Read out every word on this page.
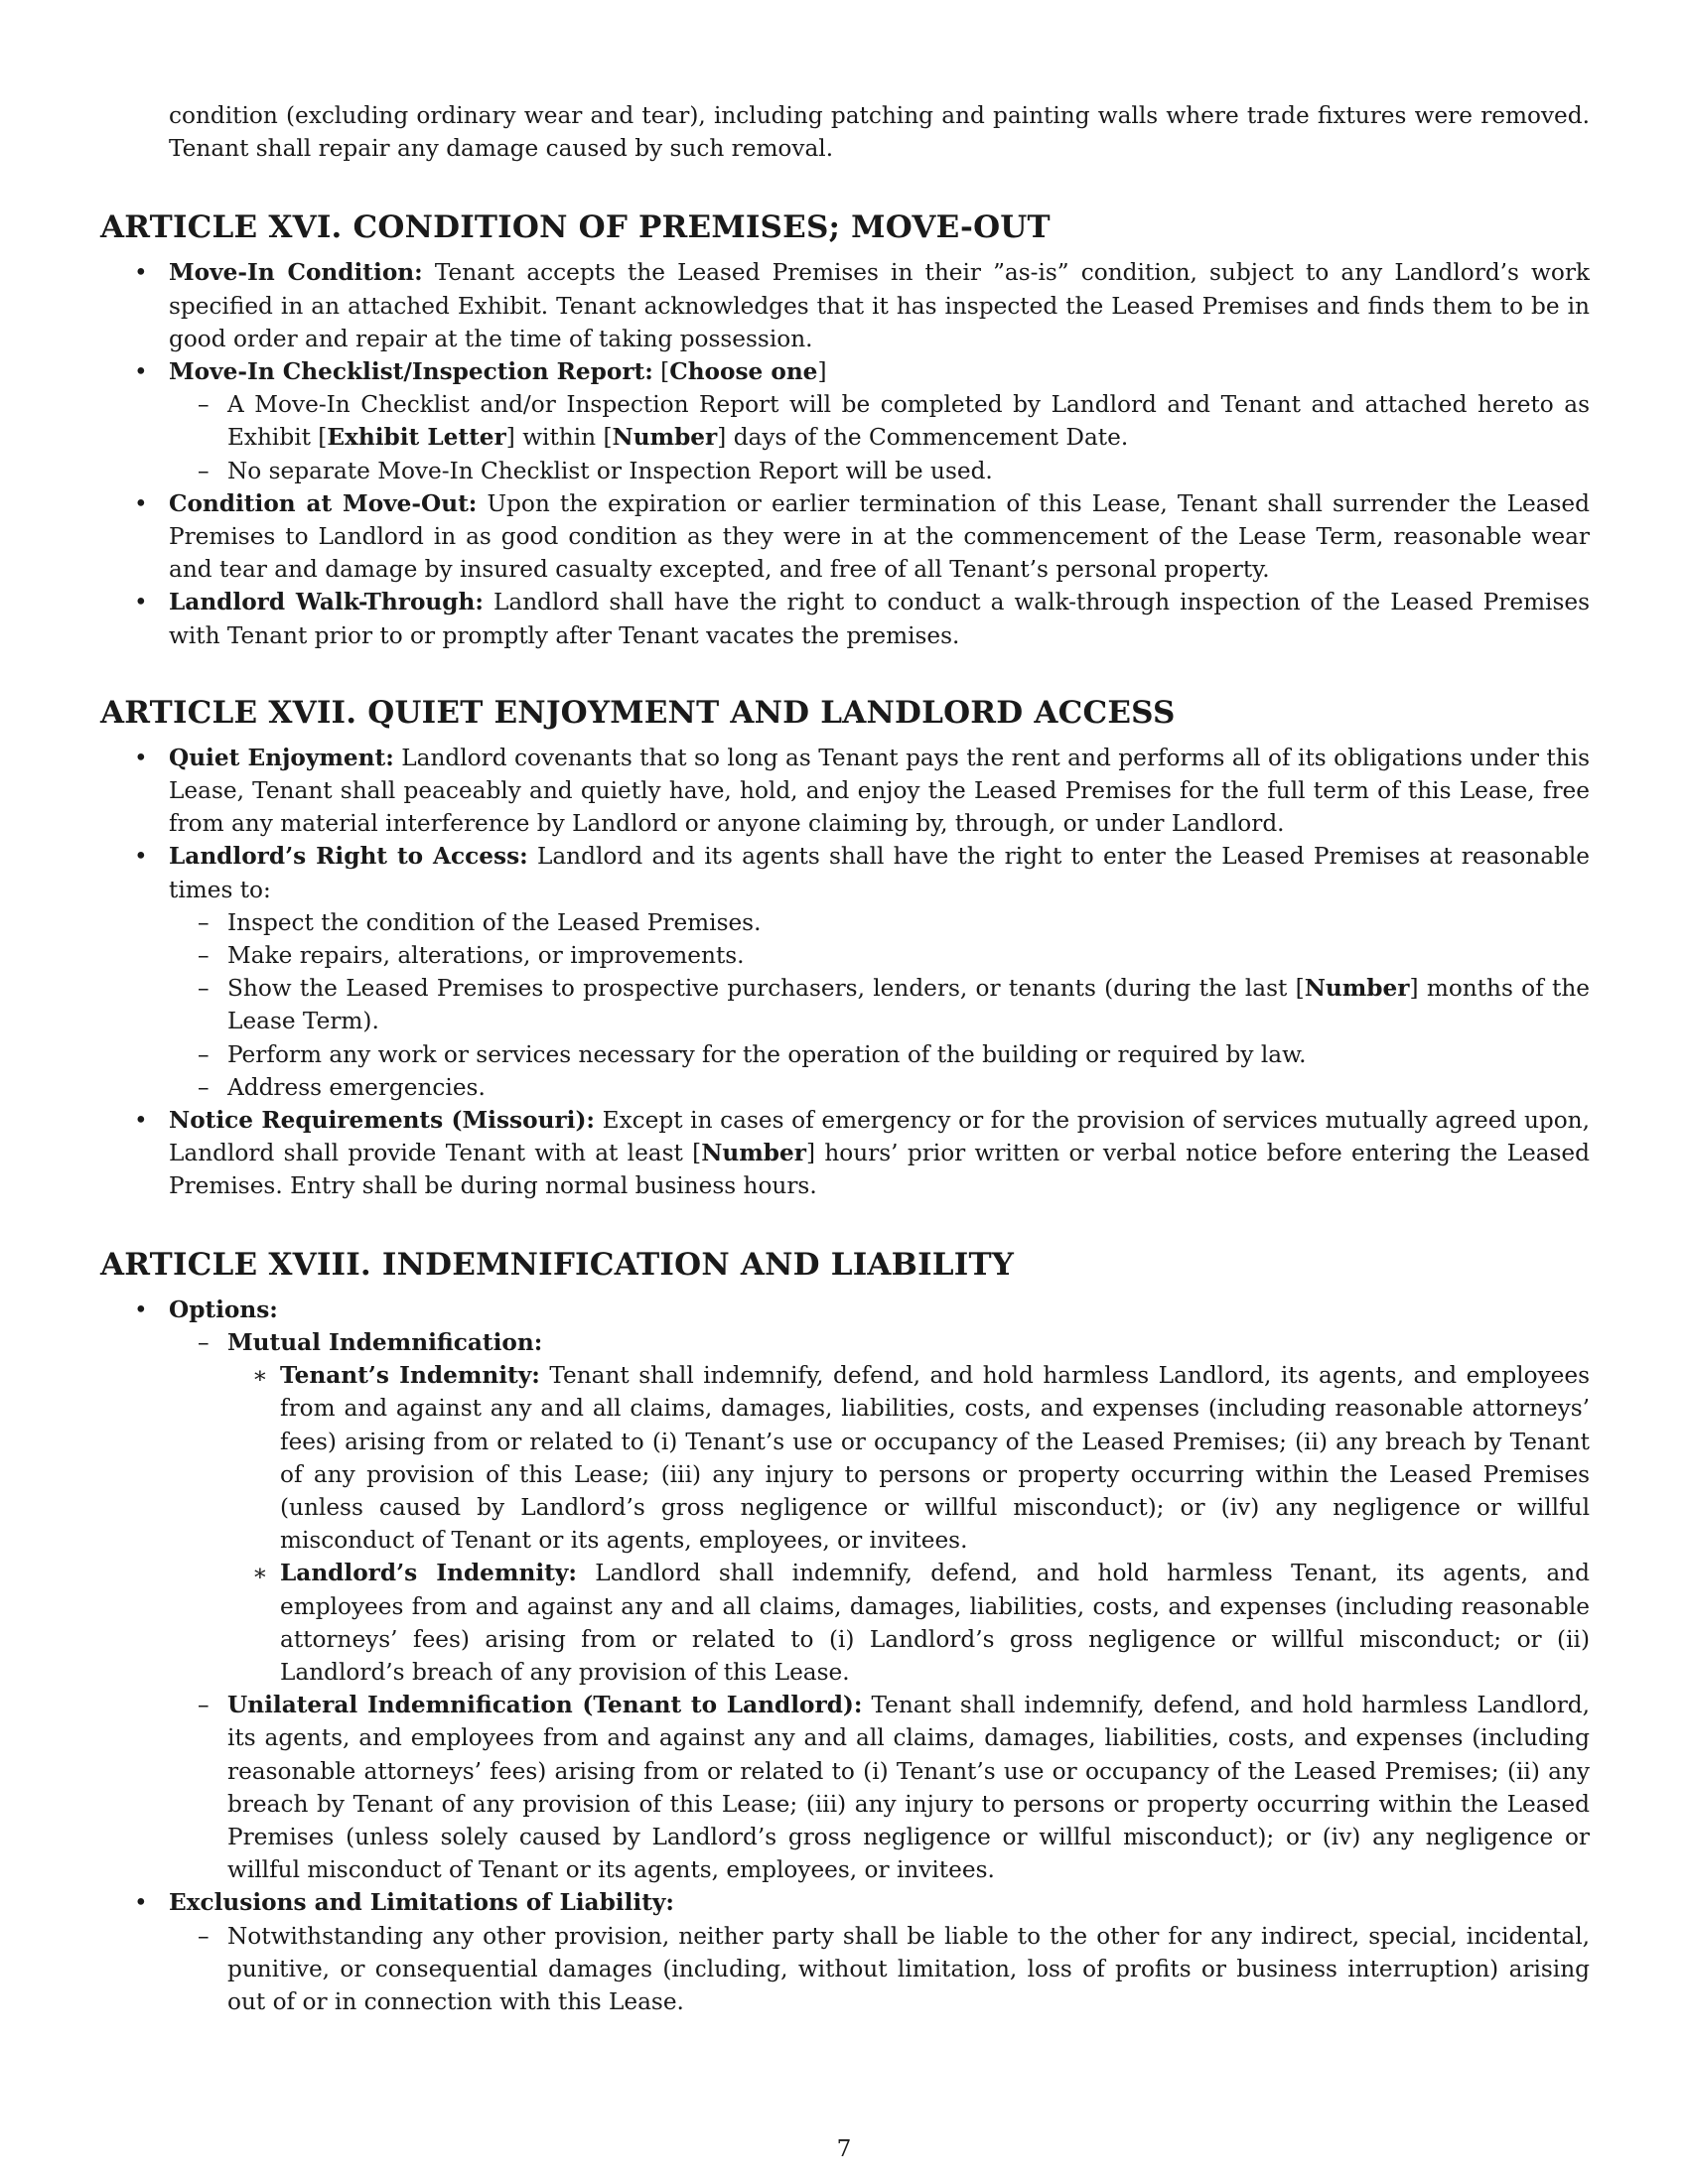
condition (excluding ordinary wear and tear), including patching and painting walls where trade fixtures were removed. Tenant shall repair any damage caused by such removal.

ARTICLE XVI. CONDITION OF PREMISES; MOVE-OUT
• Move-In Condition: Tenant accepts the Leased Premises in their ”as-is” condition, subject to any Landlord’s work specified in an attached Exhibit. Tenant acknowledges that it has inspected the Leased Premises and finds them to be in good order and repair at the time of taking possession.
• Move-In Checklist/Inspection Report: [Choose one]
– A Move-In Checklist and/or Inspection Report will be completed by Landlord and Tenant and attached hereto as Exhibit [Exhibit Letter] within [Number] days of the Commencement Date.
– No separate Move-In Checklist or Inspection Report will be used.
• Condition at Move-Out: Upon the expiration or earlier termination of this Lease, Tenant shall surrender the Leased Premises to Landlord in as good condition as they were in at the commencement of the Lease Term, reasonable wear and tear and damage by insured casualty excepted, and free of all Tenant’s personal property.
• Landlord Walk-Through: Landlord shall have the right to conduct a walk-through inspection of the Leased Premises with Tenant prior to or promptly after Tenant vacates the premises.
ARTICLE XVII. QUIET ENJOYMENT AND LANDLORD ACCESS
• Quiet Enjoyment: Landlord covenants that so long as Tenant pays the rent and performs all of its obligations under this Lease, Tenant shall peaceably and quietly have, hold, and enjoy the Leased Premises for the full term of this Lease, free from any material interference by Landlord or anyone claiming by, through, or under Landlord.
• Landlord’s Right to Access: Landlord and its agents shall have the right to enter the Leased Premises at reasonable times to:
– Inspect the condition of the Leased Premises.
– Make repairs, alterations, or improvements.
– Show the Leased Premises to prospective purchasers, lenders, or tenants (during the last [Number] months of the Lease Term).
– Perform any work or services necessary for the operation of the building or required by law.
– Address emergencies.
• Notice Requirements (Missouri): Except in cases of emergency or for the provision of services mutually agreed upon, Landlord shall provide Tenant with at least [Number] hours’ prior written or verbal notice before entering the Leased Premises. Entry shall be during normal business hours.
ARTICLE XVIII. INDEMNIFICATION AND LIABILITY
• Options:
– Mutual Indemnification:
∗ Tenant’s Indemnity: Tenant shall indemnify, defend, and hold harmless Landlord, its agents, and employees from and against any and all claims, damages, liabilities, costs, and expenses (including reasonable attorneys’ fees) arising from or related to (i) Tenant’s use or occupancy of the Leased Premises; (ii) any breach by Tenant of any provision of this Lease; (iii) any injury to persons or property occurring within the Leased Premises (unless caused by Landlord’s gross negligence or willful misconduct); or (iv) any negligence or willful misconduct of Tenant or its agents, employees, or invitees.
∗ Landlord’s Indemnity: Landlord shall indemnify, defend, and hold harmless Tenant, its agents, and employees from and against any and all claims, damages, liabilities, costs, and expenses (including reasonable attorneys’ fees) arising from or related to (i) Landlord’s gross negligence or willful misconduct; or (ii) Landlord’s breach of any provision of this Lease.
– Unilateral Indemnification (Tenant to Landlord): Tenant shall indemnify, defend, and hold harmless Landlord, its agents, and employees from and against any and all claims, damages, liabilities, costs, and expenses (including reasonable attorneys’ fees) arising from or related to (i) Tenant’s use or occupancy of the Leased Premises; (ii) any breach by Tenant of any provision of this Lease; (iii) any injury to persons or property occurring within the Leased Premises (unless solely caused by Landlord’s gross negligence or willful misconduct); or (iv) any negligence or willful misconduct of Tenant or its agents, employees, or invitees.
• Exclusions and Limitations of Liability:
– Notwithstanding any other provision, neither party shall be liable to the other for any indirect, special, incidental, punitive, or consequential damages (including, without limitation, loss of profits or business interruption) arising out of or in connection with this Lease.
7
